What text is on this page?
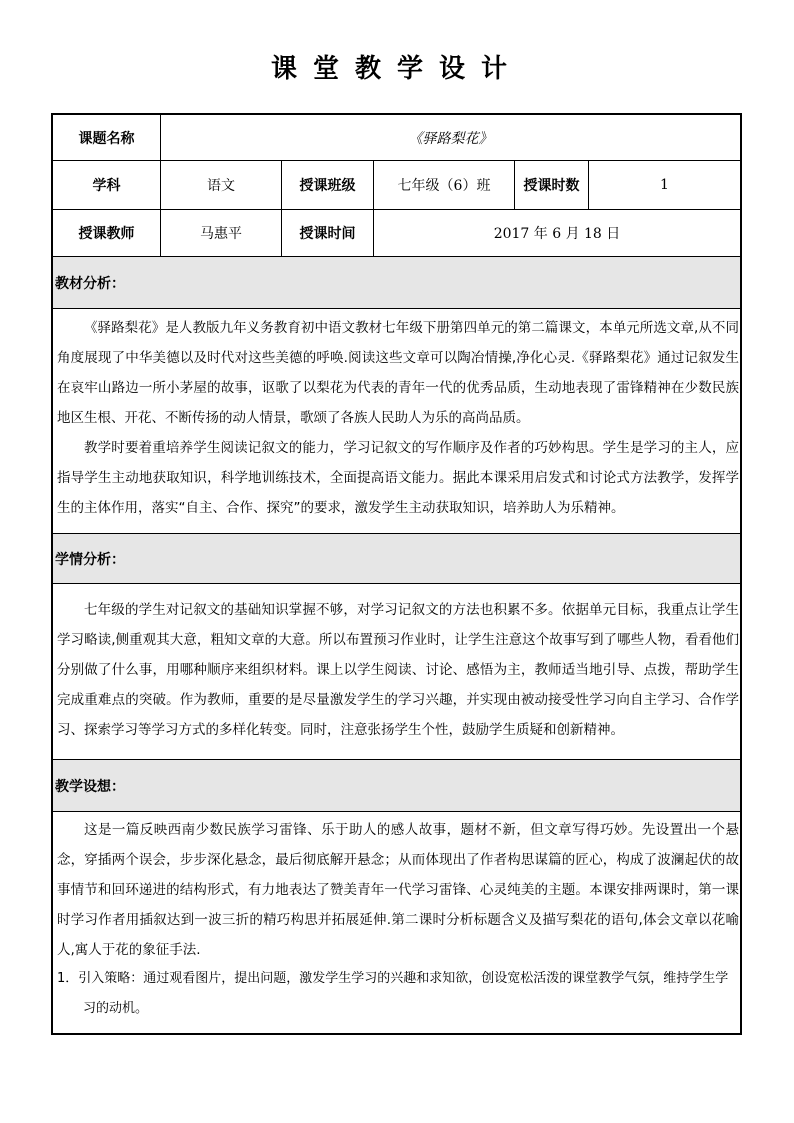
课堂教学设计
课题名称	《驿路梨花》
学科	语文	授课班级	七年级（6）班	授课时数	1
授课教师	马惠平	授课时间	2017 年 6 月 18 日
教材分析：
《驿路梨花》是人教版九年义务教育初中语文教材七年级下册第四单元的第二篇课文，本单元所选文章,从不同角度展现了中华美德以及时代对这些美德的呼唤.阅读这些文章可以陶冶情操,净化心灵.《驿路梨花》通过记叙发生在哀牢山路边一所小茅屋的故事，讴歌了以梨花为代表的青年一代的优秀品质，生动地表现了雷锋精神在少数民族地区生根、开花、不断传扬的动人情景，歌颂了各族人民助人为乐的高尚品质。
教学时要着重培养学生阅读记叙文的能力，学习记叙文的写作顺序及作者的巧妙构思。学生是学习的主人，应指导学生主动地获取知识，科学地训练技术，全面提高语文能力。据此本课采用启发式和讨论式方法教学，发挥学生的主体作用，落实“自主、合作、探究”的要求，激发学生主动获取知识，培养助人为乐精神。
学情分析：
七年级的学生对记叙文的基础知识掌握不够，对学习记叙文的方法也积累不多。依据单元目标，我重点让学生学习略读,侧重观其大意，粗知文章的大意。所以布置预习作业时，让学生注意这个故事写到了哪些人物，看看他们分别做了什么事，用哪种顺序来组织材料。课上以学生阅读、讨论、感悟为主，教师适当地引导、点拨，帮助学生完成重难点的突破。作为教师，重要的是尽量激发学生的学习兴趣，并实现由被动接受性学习向自主学习、合作学习、探索学习等学习方式的多样化转变。同时，注意张扬学生个性，鼓励学生质疑和创新精神。
教学设想：
这是一篇反映西南少数民族学习雷锋、乐于助人的感人故事，题材不新，但文章写得巧妙。先设置出一个悬念，穿插两个误会，步步深化悬念，最后彻底解开悬念；从而体现出了作者构思谋篇的匠心，构成了波澜起伏的故事情节和回环递进的结构形式，有力地表达了赞美青年一代学习雷锋、心灵纯美的主题。本课安排两课时，第一课时学习作者用插叙达到一波三折的精巧构思并拓展延伸.第二课时分析标题含义及描写梨花的语句,体会文章以花喻人,寓人于花的象征手法.
1．引入策略：通过观看图片，提出问题，激发学生学习的兴趣和求知欲，创设宽松活泼的课堂教学气氛，维持学生学习的动机。
